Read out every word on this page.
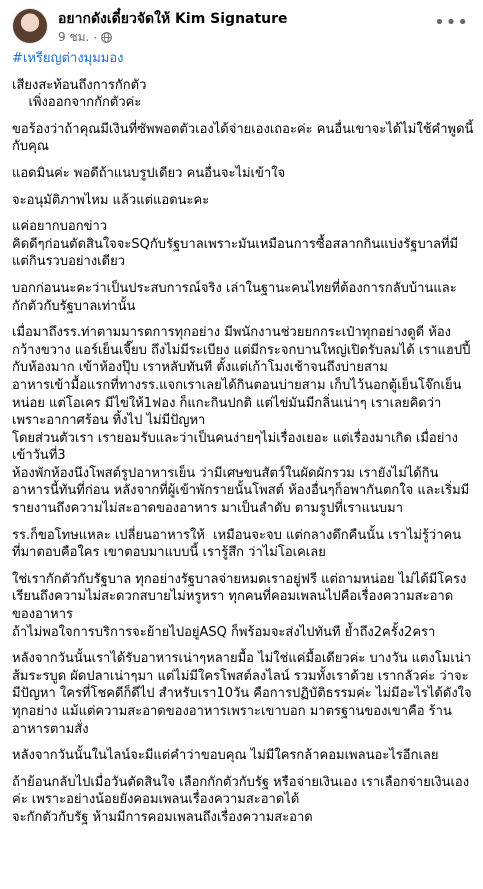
อยากดังเดี๋ยวจัดให้ Kim Signature
9 ชม. ·
•••

#เหรียญต่างมุมมอง

เสียงสะท้อนถึงการกักตัว
เพิ่งออกจากกักตัวค่ะ

ขอร้องว่าถ้าคุณมีเงินที่ซัพพอตตัวเองได้จ่ายเองเถอะค่ะ คนอื่นเขาจะได้ไม่ใช้คำพูดนี้กับคุณ

แอดมินค่ะ พอดีถ้าแนบรูปเดียว คนอื่นจะไม่เข้าใจ

จะอนุมัติภาพไหม แล้วแต่แอดนะคะ

แค่อยากบอกข่าว
คิดดีๆก่อนตัดสินใจจะSQกับรัฐบาลเพราะมันเหมือนการซื้อสลากกินแบ่งรัฐบาลที่มีแต่กินรวบอย่างเดียว

บอกก่อนนะคะว่าเป็นประสบการณ์จริง เล่าในฐานะคนไทยที่ต้องการกลับบ้านและกักตัวกับรัฐบาลเท่านั้น

เมื่อมาถึงรร.ท่าตามมารตการทุกอย่าง มีพนักงานช่วยยกกระเป๋าทุกอย่างดูดี ห้องกว้างขวาง แอร์เย็นเจี๊ยบ ถึงไม่มีระเบียง แต่มีกระจกบานใหญ่เปิดรับลมได้ เราแฮปปี้กับห้องมาก เข้าห้องปุ๊บ เราหลับทันที ตั้งแต่เก้าโมงเช้าจนถึงบ่ายสาม
อาหารเข้ามื้อแรกที่ทางรร.แจกเราเลยได้กินตอนบ่ายสาม เก็บไว้นอกตู้เย็นโจ๊กเย็นหน่อย แต่โอเคร มีไข่ให้1ฟอง ก็แกะกินปกติ แต่ไข่มันมีกลิ่นเน่าๆ เราเลยคิดว่าเพราะอากาศร้อน ทิ้งไป ไม่มีปัญหา
โดยส่วนตัวเรา เรายอมรับและว่าเป็นคนง่ายๆไม่เรื่องเยอะ แต่เรื่องมาเกิด เมื่อย่างเข้าวันที่3
ห้องพักห้องนึงโพสต์รูปอาหารเย็น ว่ามีเศษขนสัตว์ในผัดผักรวม เรายังไม่ได้กินอาหารนี้ทันที่ก่อน หลังจากที่ผู้เข้าพักรายนั้นโพสต์ ห้องอื่นๆก็อพากันตกใจ และเริ่มมีรายงานถึงความไม่สะอาดของอาหาร มาเป็นลำดับ ตามรูปที่เราแนบมา

รร.ก็ขอโทษแหละ เปลี่ยนอาหารให้  เหมือนจะจบ แต่กลางดึกคืนนั้น เราไม่รู้ว่าคนที่มาตอบคือใคร เขาตอบมาแบบนี้ เรารู้สึก ว่าไม่โอเคเลย

ใช่เรากักตัวกับรัฐบาล ทุกอย่างรัฐบาลจ่ายหมดเราอยู่ฟรี แต่ถามหน่อย ไม่ได้มีโครงเรียนถึงความไม่สะดวกสบายไม่หรูหรา ทุกคนที่คอมเพลนไปคือเรื่องความสะอาด ของอาหาร
ถ้าไม่พอใจการบริการจะย้ายไปอยู่ASQ ก็พร้อมจะส่งไปทันที ย้ำถึง2ครั้ง2ครา

หลังจากวันนั้นเราได้รับอาหารเน่าๆหลายมื้อ ไม่ใช่แค่มื้อเดียวค่ะ บางวัน แตงโมเน่า ส้มระรบูด ผัดปลาเน่าๆมา แต่ไม่มีใครโพสต์ลงไลน์ รวมทั้งเราด้วย เรากลัวค่ะ ว่าจะมีปัญหา ใครที่โชคดีก็ดีไป สำหรับเรา10วัน คือการปฏิบัติธรรมค่ะ ไม่มีอะไรได้ดังใจทุกอย่าง แม้แต่ความสะอาดของอาหารเพราะเขาบอก มาตรฐานของเขาคือ ร้านอาหารตามสั่ง

หลังจากวันนั้นในไลน์จะมีแต่คำว่าขอบคุณ ไม่มีใครกล้าคอมเพลนอะไรอีกเลย

ถ้าย้อนกลับไปเมื่อวันตัดสินใจ เลือกกักตัวกับรัฐ หรือจ่ายเงินเอง เราเลือกจ่ายเงินเองค่ะ เพราะอย่างน้อยยังคอมเพลนเรื่องความสะอาดได้
จะกักตัวกับรัฐ ห้ามมีการคอมเพลนถึงเรื่องความสะอาด
